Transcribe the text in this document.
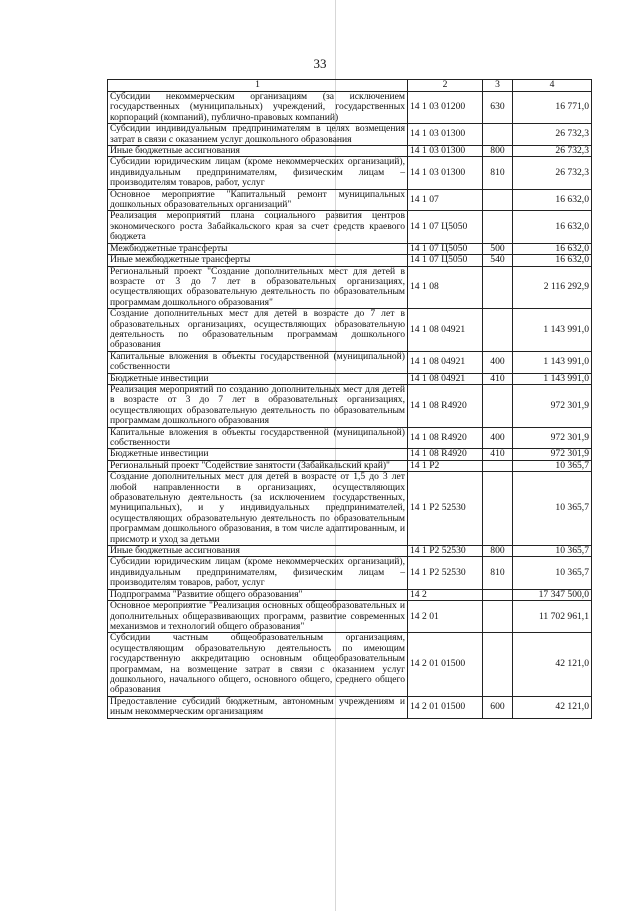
33
1	2	3	4
Субсидии некоммерческим организациям (за исключением государственных (муниципальных) учреждений, государственных корпораций (компаний), публично-правовых компаний)	14 1 03 01200	630	16 771,0
Субсидии индивидуальным предпринимателям в целях возмещения затрат в связи с оказанием услуг дошкольного образования	14 1 03 01300		26 732,3
Иные бюджетные ассигнования	14 1 03 01300	800	26 732,3
Субсидии юридическим лицам (кроме некоммерческих организаций), индивидуальным предпринимателям, физическим лицам – производителям товаров, работ, услуг	14 1 03 01300	810	26 732,3
Основное мероприятие "Капитальный ремонт муниципальных дошкольных образовательных организаций"	14 1 07		16 632,0
Реализация мероприятий плана социального развития центров экономического роста Забайкальского края за счет средств краевого бюджета	14 1 07 Ц5050		16 632,0
Межбюджетные трансферты	14 1 07 Ц5050	500	16 632,0
Иные межбюджетные трансферты	14 1 07 Ц5050	540	16 632,0
Региональный проект "Создание дополнительных мест для детей в возрасте от 3 до 7 лет в образовательных организациях, осуществляющих образовательную деятельность по образовательным программам дошкольного образования"	14 1 08		2 116 292,9
Создание дополнительных мест для детей в возрасте до 7 лет в образовательных организациях, осуществляющих образовательную деятельность по образовательным программам дошкольного образования	14 1 08 04921		1 143 991,0
Капитальные вложения в объекты государственной (муниципальной) собственности	14 1 08 04921	400	1 143 991,0
Бюджетные инвестиции	14 1 08 04921	410	1 143 991,0
Реализация мероприятий по созданию дополнительных мест для детей в возрасте от 3 до 7 лет в образовательных организациях, осуществляющих образовательную деятельность по образовательным программам дошкольного образования	14 1 08 R4920		972 301,9
Капитальные вложения в объекты государственной (муниципальной) собственности	14 1 08 R4920	400	972 301,9
Бюджетные инвестиции	14 1 08 R4920	410	972 301,9
Региональный проект "Содействие занятости (Забайкальский край)"	14 1 P2		10 365,7
Создание дополнительных мест для детей в возрасте от 1,5 до 3 лет любой направленности в организациях, осуществляющих образовательную деятельность (за исключением государственных, муниципальных), и у индивидуальных предпринимателей, осуществляющих образовательную деятельность по образовательным программам дошкольного образования, в том числе адаптированным, и присмотр и уход за детьми	14 1 P2 52530		10 365,7
Иные бюджетные ассигнования	14 1 P2 52530	800	10 365,7
Субсидии юридическим лицам (кроме некоммерческих организаций), индивидуальным предпринимателям, физическим лицам – производителям товаров, работ, услуг	14 1 P2 52530	810	10 365,7
Подпрограмма "Развитие общего образования"	14 2		17 347 500,0
Основное мероприятие "Реализация основных общеобразовательных и дополнительных общеразвивающих программ, развитие современных механизмов и технологий общего образования"	14 2 01		11 702 961,1
Субсидии частным общеобразовательным организациям, осуществляющим образовательную деятельность по имеющим государственную аккредитацию основным общеобразовательным программам, на возмещение затрат в связи с оказанием услуг дошкольного, начального общего, основного общего, среднего общего образования	14 2 01 01500		42 121,0
Предоставление субсидий бюджетным, автономным учреждениям и иным некоммерческим организациям	14 2 01 01500	600	42 121,0
